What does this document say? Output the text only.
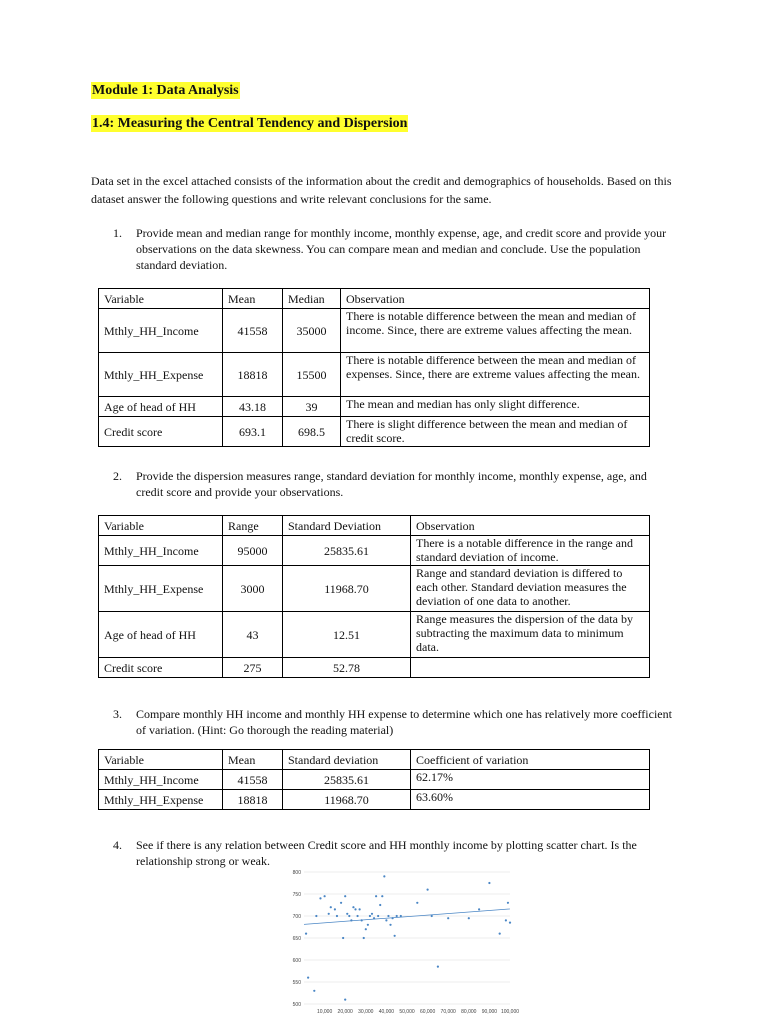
Module 1: Data Analysis
1.4: Measuring the Central Tendency and Dispersion
Data set in the excel attached consists of the information about the credit and demographics of households. Based on this dataset answer the following questions and write relevant conclusions for the same.
1. Provide mean and median range for monthly income, monthly expense, age, and credit score and provide your observations on the data skewness. You can compare mean and median and conclude. Use the population standard deviation.
Variable	Mean	Median	Observation
Mthly_HH_Income	41558	35000	There is notable difference between the mean and median of income. Since, there are extreme values affecting the mean.
Mthly_HH_Expense	18818	15500	There is notable difference between the mean and median of expenses. Since, there are extreme values affecting the mean.
Age of head of HH	43.18	39	The mean and median has only slight difference.
Credit score	693.1	698.5	There is slight difference between the mean and median of credit score.
2. Provide the dispersion measures range, standard deviation for monthly income, monthly expense, age, and credit score and provide your observations.
Variable	Range	Standard Deviation	Observation
Mthly_HH_Income	95000	25835.61	There is a notable difference in the range and standard deviation of income.
Mthly_HH_Expense	3000	11968.70	Range and standard deviation is differed to each other. Standard deviation measures the deviation of one data to another.
Age of head of HH	43	12.51	Range measures the dispersion of the data by subtracting the maximum data to minimum data.
Credit score	275	52.78	
3. Compare monthly HH income and monthly HH expense to determine which one has relatively more coefficient of variation. (Hint: Go thorough the reading material)
Variable	Mean	Standard deviation	Coefficient of variation
Mthly_HH_Income	41558	25835.61	62.17%
Mthly_HH_Expense	18818	11968.70	63.60%
4. See if there is any relation between Credit score and HH monthly income by plotting scatter chart. Is the relationship strong or weak.
800
750
700
650
600
550
500
10,000 20,000 30,000 40,000 50,000 60,000 70,000 80,000 90,000 100,000
